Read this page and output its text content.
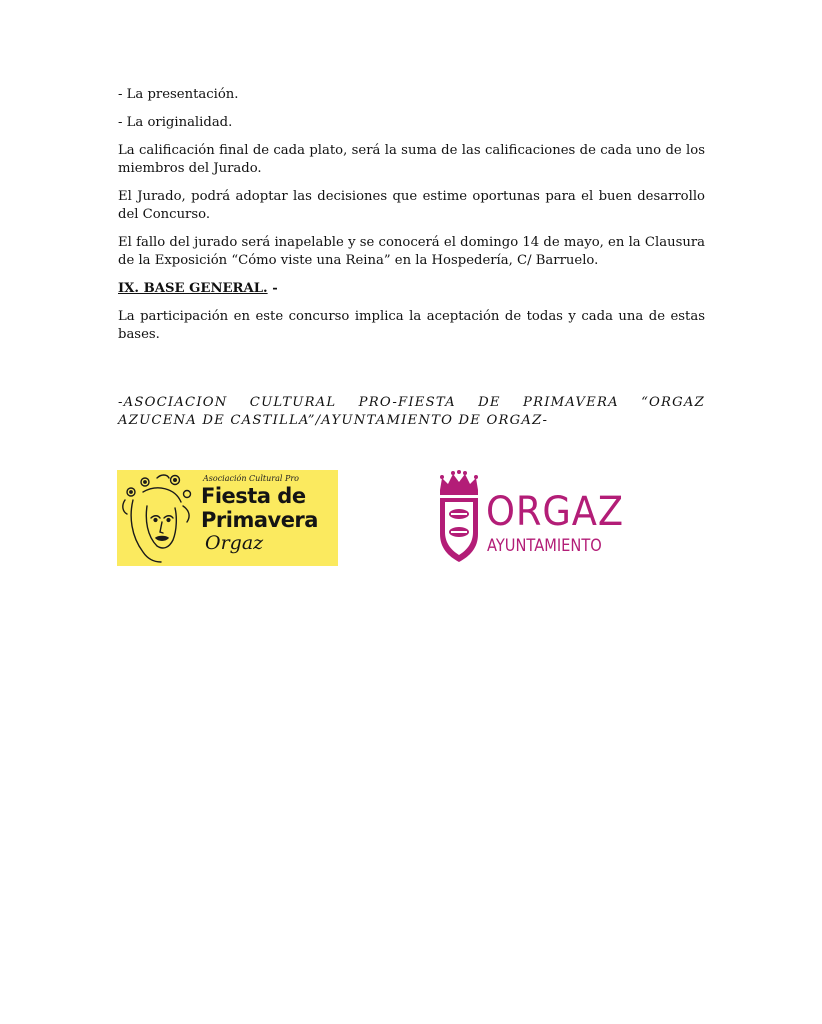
- La presentación.

- La originalidad.

La calificación final de cada plato, será la suma de las calificaciones de cada uno de los miembros del Jurado.

El Jurado, podrá adoptar las decisiones que estime oportunas para el buen desarrollo del Concurso.

El fallo del jurado será inapelable y se conocerá el domingo 14 de mayo, en la Clausura de la Exposición “Cómo viste una Reina” en la Hospedería, C/ Barruelo.

IX. BASE GENERAL. -

La participación en este concurso implica la aceptación de todas y cada una de estas bases.

-ASOCIACION CULTURAL PRO-FIESTA DE PRIMAVERA “ORGAZ
AZUCENA DE CASTILLA”/AYUNTAMIENTO DE ORGAZ-
Asociación Cultural Pro
Fiesta de
Primavera
Orgaz
ORGAZ
AYUNTAMIENTO
